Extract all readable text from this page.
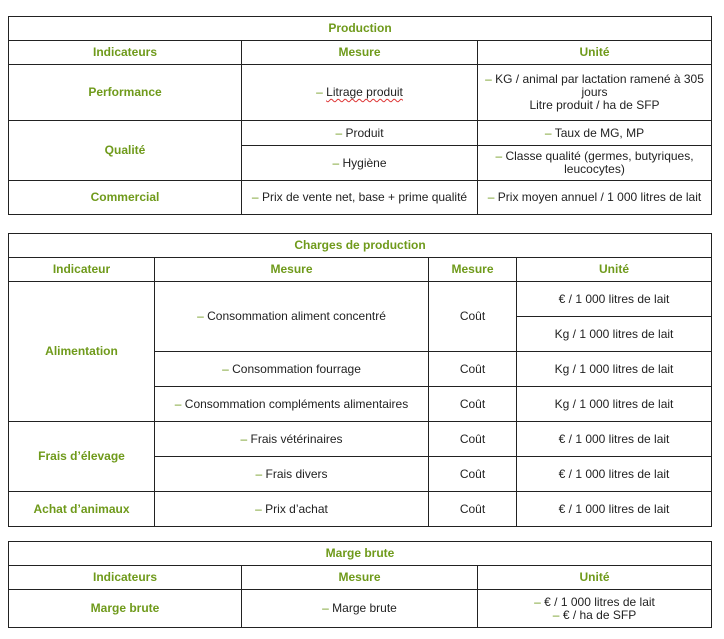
Production		
Indicateurs	Mesure	Unité
Performance	– Litrage produit	– KG / animal par lactation ramené à 305 jours
Litre produit / ha de SFP
Qualité	– Produit	– Taux de MG, MP
	– Hygiène	– Classe qualité (germes, butyriques, leucocytes)
Commercial	– Prix de vente net, base + prime qualité	– Prix moyen annuel / 1 000 litres de lait
Charges de production			
Indicateur	Mesure	Mesure	Unité
Alimentation	– Consommation aliment concentré	Coût	€ / 1 000 litres de lait
			Kg / 1 000 litres de lait
	– Consommation fourrage	Coût	Kg / 1 000 litres de lait
	– Consommation compléments alimentaires	Coût	Kg / 1 000 litres de lait
Frais d’élevage	– Frais vétérinaires	Coût	€ / 1 000 litres de lait
	– Frais divers	Coût	€ / 1 000 litres de lait
Achat d’animaux	– Prix d’achat	Coût	€ / 1 000 litres de lait
Marge brute		
Indicateurs	Mesure	Unité
Marge brute	– Marge brute	– € / 1 000 litres de lait
– € / ha de SFP
